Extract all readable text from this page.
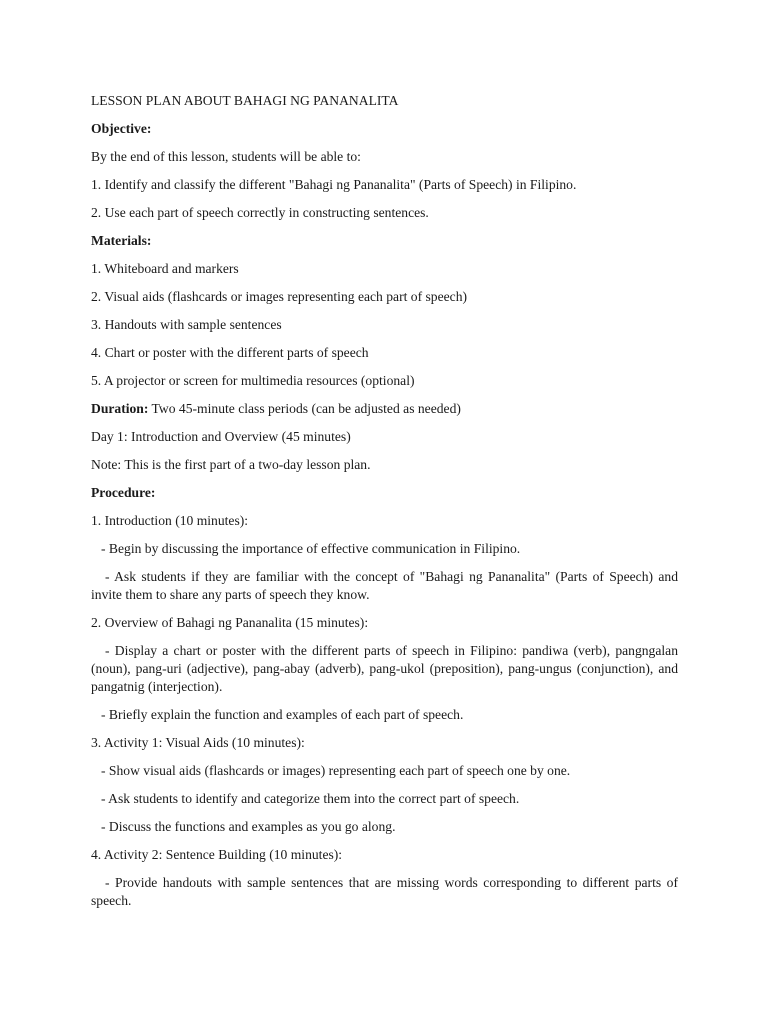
LESSON PLAN ABOUT BAHAGI NG PANANALITA

Objective:

By the end of this lesson, students will be able to:

1. Identify and classify the different "Bahagi ng Pananalita" (Parts of Speech) in Filipino.

2. Use each part of speech correctly in constructing sentences.

Materials:

1. Whiteboard and markers

2. Visual aids (flashcards or images representing each part of speech)

3. Handouts with sample sentences

4. Chart or poster with the different parts of speech

5. A projector or screen for multimedia resources (optional)

Duration: Two 45-minute class periods (can be adjusted as needed)

Day 1: Introduction and Overview (45 minutes)

Note: This is the first part of a two-day lesson plan.

Procedure:

1. Introduction (10 minutes):

- Begin by discussing the importance of effective communication in Filipino.

- Ask students if they are familiar with the concept of "Bahagi ng Pananalita" (Parts of Speech) and invite them to share any parts of speech they know.

2. Overview of Bahagi ng Pananalita (15 minutes):

- Display a chart or poster with the different parts of speech in Filipino: pandiwa (verb), pangngalan (noun), pang-uri (adjective), pang-abay (adverb), pang-ukol (preposition), pang-ungus (conjunction), and pangatnig (interjection).

- Briefly explain the function and examples of each part of speech.

3. Activity 1: Visual Aids (10 minutes):

- Show visual aids (flashcards or images) representing each part of speech one by one.

- Ask students to identify and categorize them into the correct part of speech.

- Discuss the functions and examples as you go along.

4. Activity 2: Sentence Building (10 minutes):

- Provide handouts with sample sentences that are missing words corresponding to different parts of speech.
